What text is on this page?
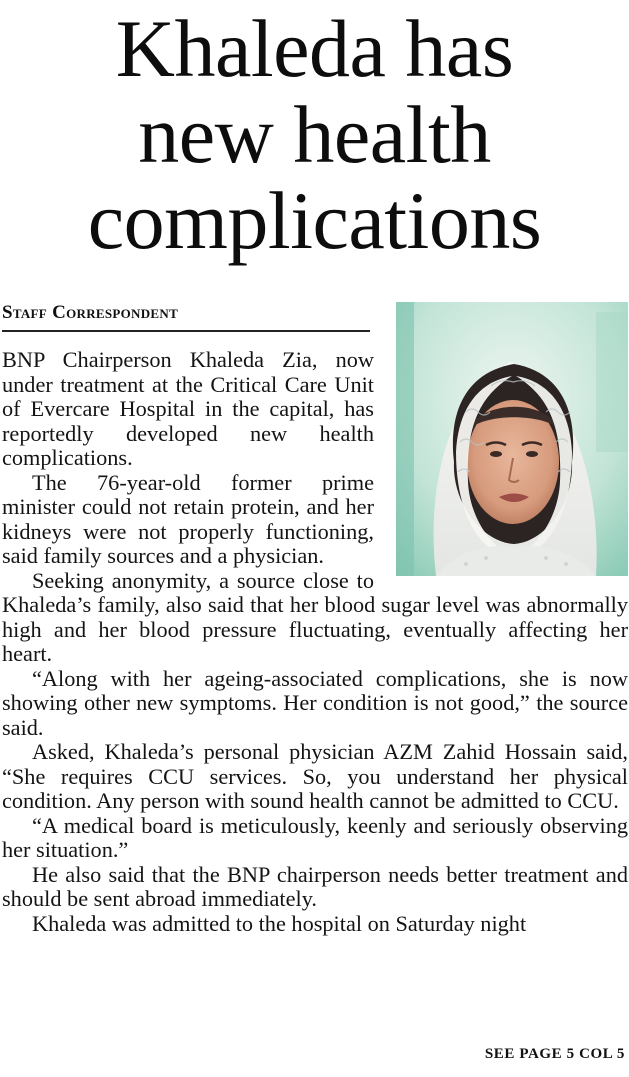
Khaleda has
new health
complications
Staff Correspondent

BNP Chairperson Khaleda Zia, now under treatment at the Critical Care Unit of Evercare Hospital in the capital, has reportedly developed new health complications.

The 76-year-old former prime minister could not retain protein, and her kidneys were not properly functioning, said family sources and a physician.

Seeking anonymity, a source close to Khaleda’s family, also said that her blood sugar level was abnormally high and her blood pressure fluctuating, eventually affecting her heart.

“Along with her ageing-associated complications, she is now showing other new symptoms. Her condition is not good,” the source said.

Asked, Khaleda’s personal physician AZM Zahid Hossain said, “She requires CCU services. So, you understand her physical condition. Any person with sound health cannot be admitted to CCU.

“A medical board is meticulously, keenly and seriously observing her situation.”

He also said that the BNP chairperson needs better treatment and should be sent abroad immediately.

Khaleda was admitted to the hospital on Saturday night

SEE PAGE 5 COL 5
